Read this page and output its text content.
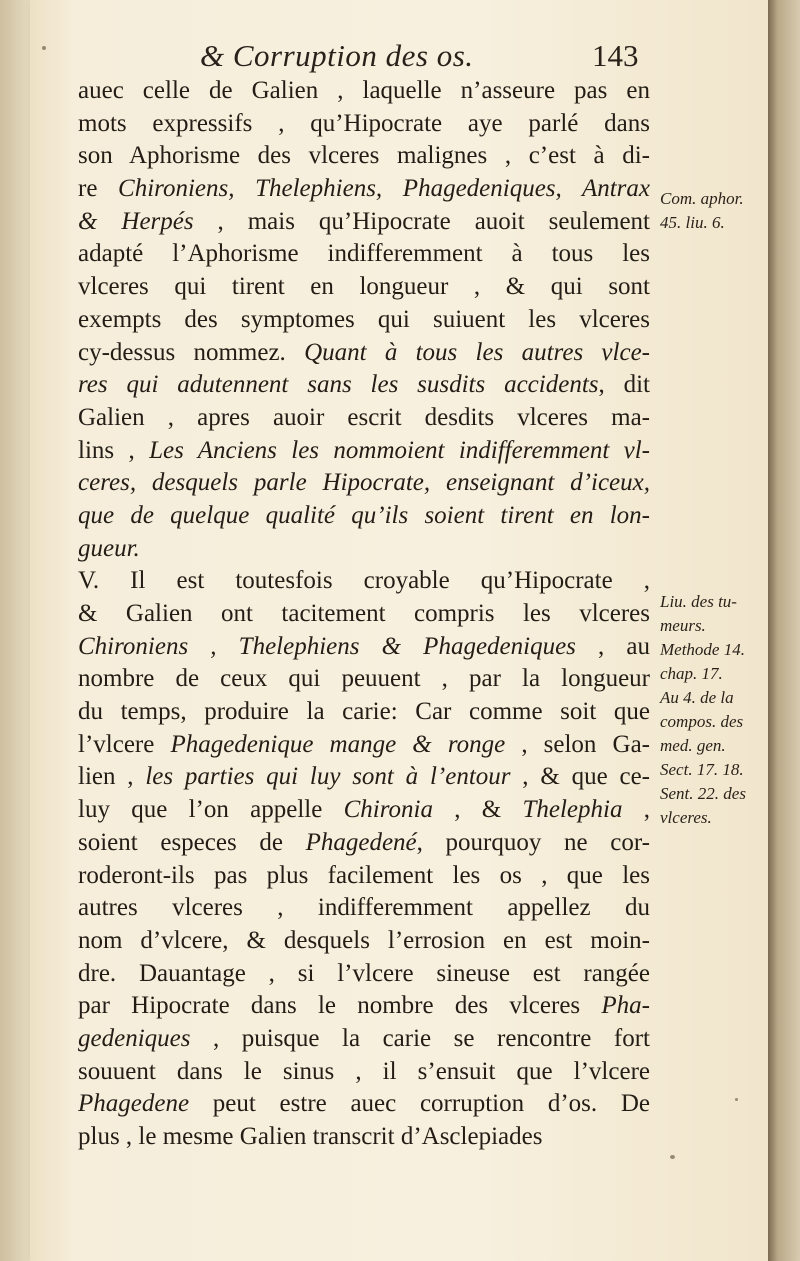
& Corruption des os.	143
auec celle de Galien , laquelle n’asseure pas en
mots expressifs , qu’Hipocrate aye parlé dans
son Aphorisme des vlceres malignes , c’est à di-
re Chironiens, Thelephiens, Phagedeniques, Antrax
& Herpés , mais qu’Hipocrate auoit seulement
adapté l’Aphorisme indifferemment à tous les
vlceres qui tirent en longueur , & qui sont
exempts des symptomes qui suiuent les vlceres
cy-dessus nommez. Quant à tous les autres vlce-
res qui adutennent sans les susdits accidents, dit
Galien , apres auoir escrit desdits vlceres ma-
lins , Les Anciens les nommoient indifferemment vl-
ceres, desquels parle Hipocrate, enseignant d’iceux,
que de quelque qualité qu’ils soient tirent en lon-
gueur.
V. Il est toutesfois croyable qu’Hipocrate ,
& Galien ont tacitement compris les vlceres
Chironiens , Thelephiens & Phagedeniques , au
nombre de ceux qui peuuent , par la longueur
du temps, produire la carie: Car comme soit que
l’vlcere Phagedenique mange & ronge , selon Ga-
lien , les parties qui luy sont à l’entour , & que ce-
luy que l’on appelle Chironia , & Thelephia ,
soient especes de Phagedené, pourquoy ne cor-
roderont-ils pas plus facilement les os , que les
autres vlceres , indifferemment appellez du
nom d’vlcere, & desquels l’errosion en est moin-
dre. Dauantage , si l’vlcere sineuse est rangée
par Hipocrate dans le nombre des vlceres Pha-
gedeniques , puisque la carie se rencontre fort
souuent dans le sinus , il s’ensuit que l’vlcere
Phagedene peut estre auec corruption d’os. De
plus , le mesme Galien transcrit d’Asclepiades
Com. aphor.
45. liu. 6.
Liu. des tu-
meurs.
Methode 14.
chap. 17.
Au 4. de la
compos. des
med. gen.
Sect. 17. 18.
Sent. 22. des
vlceres.
